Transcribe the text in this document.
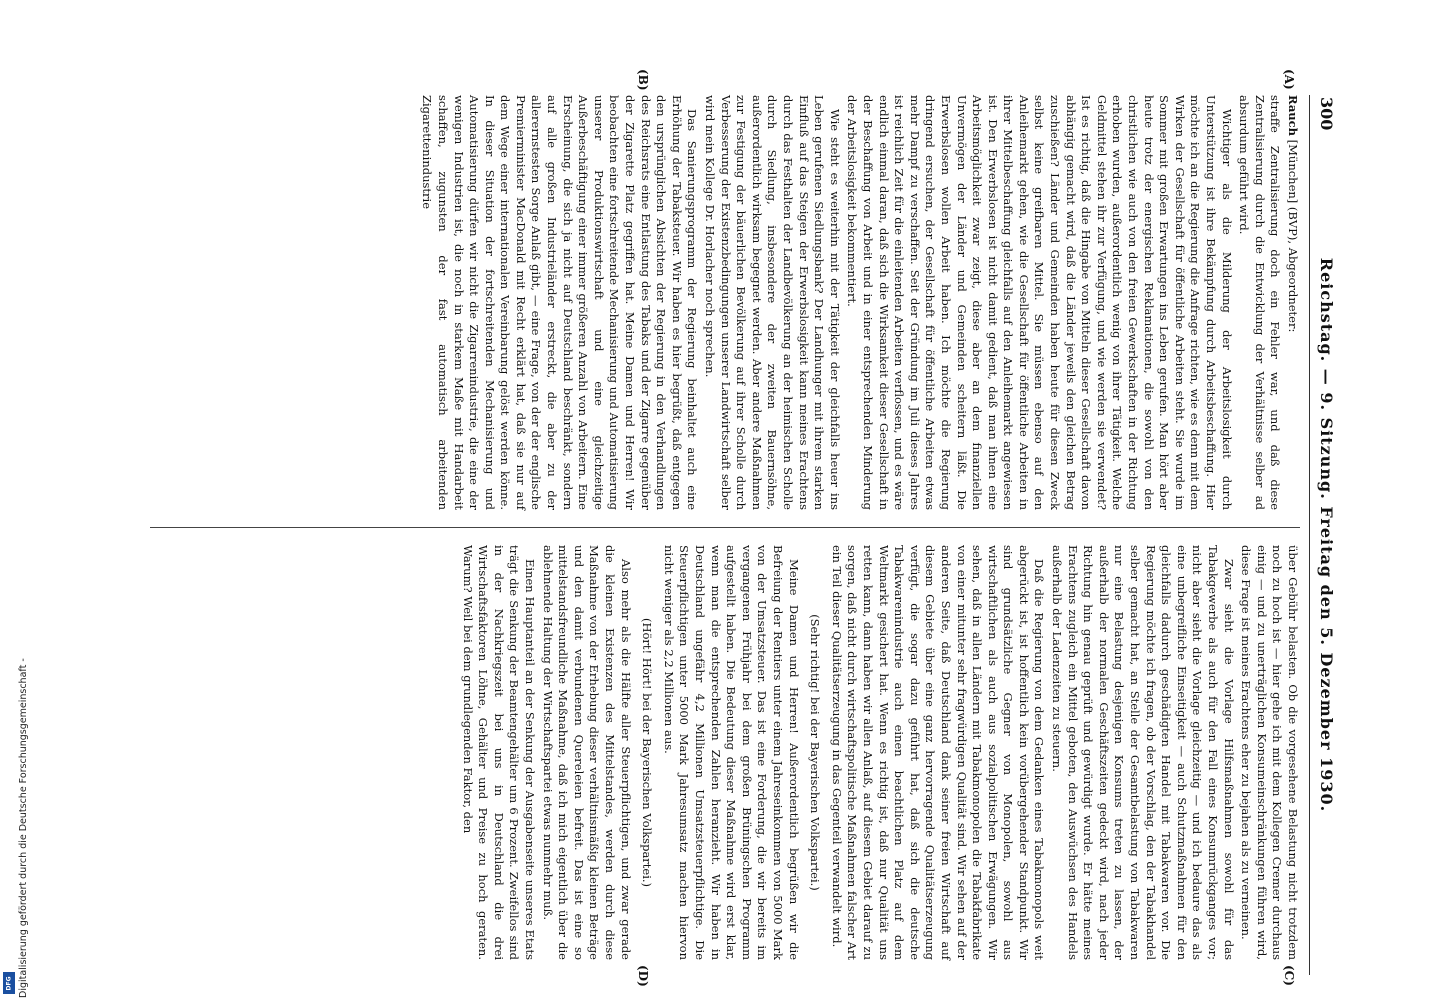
300
Reichstag. — 9. Sitzung. Freitag den 5. Dezember 1930.
(A)
(B)
(C)
(D)

Rauch [München] (BVP), Abgeordneter:

straffe Zentralisierung doch ein Fehler war, und daß diese Zentralisierung durch die Entwicklung der Verhältnisse selber ad absurdum geführt wird.

Wichtiger als die Milderung der Arbeitslosigkeit durch Unterstützung ist ihre Bekämpfung durch Arbeitsbeschaffung. Hier möchte ich an die Regierung die Anfrage richten, wie es denn mit dem Wirken der Gesellschaft für öffentliche Arbeiten steht. Sie wurde im Sommer mit großen Erwartungen ins Leben gerufen. Man hört aber heute trotz der energischen Reklamationen, die sowohl von den christlichen wie auch von den freien Gewerkschaften in der Richtung erhoben wurden, außerordentlich wenig von ihrer Tätigkeit. Welche Geldmittel stehen ihr zur Verfügung, und wie werden sie verwendet? Ist es richtig, daß die Hingabe von Mitteln dieser Gesellschaft davon abhängig gemacht wird, daß die Länder jeweils den gleichen Betrag zuschießen? Länder und Gemeinden haben heute für diesen Zweck selbst keine greifbaren Mittel. Sie müssen ebenso auf den Anleihemarkt gehen, wie die Gesellschaft für öffentliche Arbeiten in ihrer Mittelbeschaffung gleichfalls auf den Anleihemarkt angewiesen ist. Den Erwerbslosen ist nicht damit gedient, daß man ihnen eine Arbeitsmöglichkeit zwar zeigt, diese aber an dem finanziellen Unvermögen der Länder und Gemeinden scheitern läßt. Die Erwerbslosen wollen Arbeit haben. Ich möchte die Regierung dringend ersuchen, der Gesellschaft für öffentliche Arbeiten etwas mehr Dampf zu verschaffen. Seit der Gründung im Juli dieses Jahres ist reichlich Zeit für die einleitenden Arbeiten verflossen, und es wäre endlich einmal daran, daß sich die Wirksamkeit dieser Gesellschaft in der Beschaffung von Arbeit und in einer entsprechenden Minderung der Arbeitslosigkeit bekommentiert.

Wie steht es weiterhin mit der Tätigkeit der gleichfalls heuer ins Leben gerufenen Siedlungsbank? Der Landhunger mit ihrem starken Einfluß auf das Steigen der Erwerbslosigkeit kann meines Erachtens durch das Festhalten der Landbevölkerung an der heimischen Scholle durch Siedlung, insbesondere der zweiten Bauernsöhne, außerordentlich wirksam begegnet werden. Aber andere Maßnahmen zur Festigung der bäuerlichen Bevölkerung auf ihrer Scholle durch Verbesserung der Existenzbedingungen unserer Landwirtschaft selber wird mein Kollege Dr. Horlacher noch sprechen.

Das Sanierungsprogramm der Regierung beinhaltet auch eine Erhöhung der Tabaksteuer. Wir haben es hier begrüßt, daß entgegen den ursprünglichen Absichten der Regierung in den Verhandlungen des Reichsrats eine Entlastung des Tabaks und der Zigarre gegenüber der Zigarette Platz gegriffen hat. Meine Damen und Herren! Wir beobachten eine fortschreitende Mechanisierung und Automatisierung unserer Produktionswirtschaft und eine gleichzeitige Außerbeschäftigung einer immer größeren Anzahl von Arbeitern. Eine Erscheinung, die sich ja nicht auf Deutschland beschränkt, sondern auf alle großen Industrieländer erstreckt, die aber zu der allerernstesten Sorge Anlaß gibt, — eine Frage, von der der englische Premierminister MacDonald mit Recht erklärt hat, daß sie nur auf dem Wege einer internationalen Vereinbarung gelöst werden könne. In dieser Situation der fortschreitenden Mechanisierung und Automatisierung dürfen wir nicht die Zigarrenindustrie, die eine der wenigen Industrien ist, die noch in starkem Maße mit Handarbeit schaffen, zugunsten der fast automatisch arbeitenden Zigarettenindustrie

über Gebühr belasten. Ob die vorgesehene Belastung nicht trotzdem noch zu hoch ist — hier gehe ich mit dem Kollegen Cremer durchaus einig — und zu unerträglichen Konsumeinschränkungen führen wird, diese Frage ist meines Erachtens eher zu bejahen als zu verneinen.

Zwar sieht die Vorlage Hilfsmaßnahmen sowohl für das Tabakgewerbe als auch für den Fall eines Konsumrückganges vor; nicht aber sieht die Vorlage gleichzeitig — und ich bedaure das als eine unbegreifliche Einseitigkeit — auch Schutzmaßnahmen für den gleichfalls dadurch geschädigten Handel mit Tabakwaren vor. Die Regierung möchte ich fragen, ob der Vorschlag, den der Tabakhandel selber gemacht hat, an Stelle der Gesamtbelastung von Tabakwaren nur eine Belastung desjenigen Konsums treten zu lassen, der außerhalb der normalen Geschäftszeiten gedeckt wird, nach jeder Richtung hin genau geprüft und gewürdigt wurde. Er hätte meines Erachtens zugleich ein Mittel geboten, den Auswüchsen des Handels außerhalb der Ladenzeiten zu steuern.

Daß die Regierung von dem Gedanken eines Tabakmonopols weit abgerückt ist, ist hoffentlich kein vorübergehender Standpunkt. Wir sind grundsätzliche Gegner von Monopolen, sowohl aus wirtschaftlichen als auch aus sozialpolitischen Erwägungen. Wir sehen, daß in allen Ländern mit Tabakmonopolen die Tabakfabrikate von einer mitunter sehr fragwürdigen Qualität sind. Wir sehen auf der anderen Seite, daß Deutschland dank seiner freien Wirtschaft auf diesem Gebiete über eine ganz hervorragende Qualitätserzeugung verfügt, die sogar dazu geführt hat, daß sich die deutsche Tabakwarenindustrie auch einen beachtlichen Platz auf dem Weltmarkt gesichert hat. Wenn es richtig ist, daß nur Qualität uns retten kann, dann haben wir allen Anlaß, auf diesem Gebiet darauf zu sorgen, daß nicht durch wirtschaftspolitische Maßnahmen falscher Art ein Teil dieser Qualitätserzeugung in das Gegenteil verwandelt wird.

(Sehr richtig! bei der Bayerischen Volkspartei.)

Meine Damen und Herren! Außerordentlich begrüßen wir die Befreiung der Rentiers unter einem Jahreseinkommen von 5000 Mark von der Umsatzsteuer. Das ist eine Forderung, die wir bereits im vergangenen Frühjahr bei dem großen Brüningschen Programm aufgestellt haben. Die Bedeutung dieser Maßnahme wird erst klar, wenn man die entsprechenden Zahlen heranzieht. Wir haben in Deutschland ungefähr 4,2 Millionen Umsatzsteuerpflichtige. Die Steuerpflichtigen unter 5000 Mark Jahresumsatz machen hiervon nicht weniger als 2,2 Millionen aus.

(Hört! Hört! bei der Bayerischen Volkspartei.)

Also mehr als die Hälfte aller Steuerpflichtigen, und zwar gerade die kleinen Existenzen des Mittelstandes, werden durch diese Maßnahme von der Erhebung dieser verhältnismäßig kleinen Beträge und den damit verbundenen Quereleien befreit. Das ist eine so mittelstandsfreundliche Maßnahme, daß ich mich eigentlich über die ablehnende Haltung der Wirtschaftspartei etwas nunmehr muß.

Einen Hauptanteil an der Senkung der Ausgabenseite unseres Etats trägt die Senkung der Beamtengehälter um 6 Prozent. Zweifellos sind in der Nachkriegszeit bei uns in Deutschland die drei Wirtschaftsfaktoren Löhne, Gehälter und Preise zu hoch geraten. Warum? Weil bei dem grundlegenden Faktor, den

Digitalisierung gefördert durch die Deutsche Forschungsgemeinschaft -
DFG
